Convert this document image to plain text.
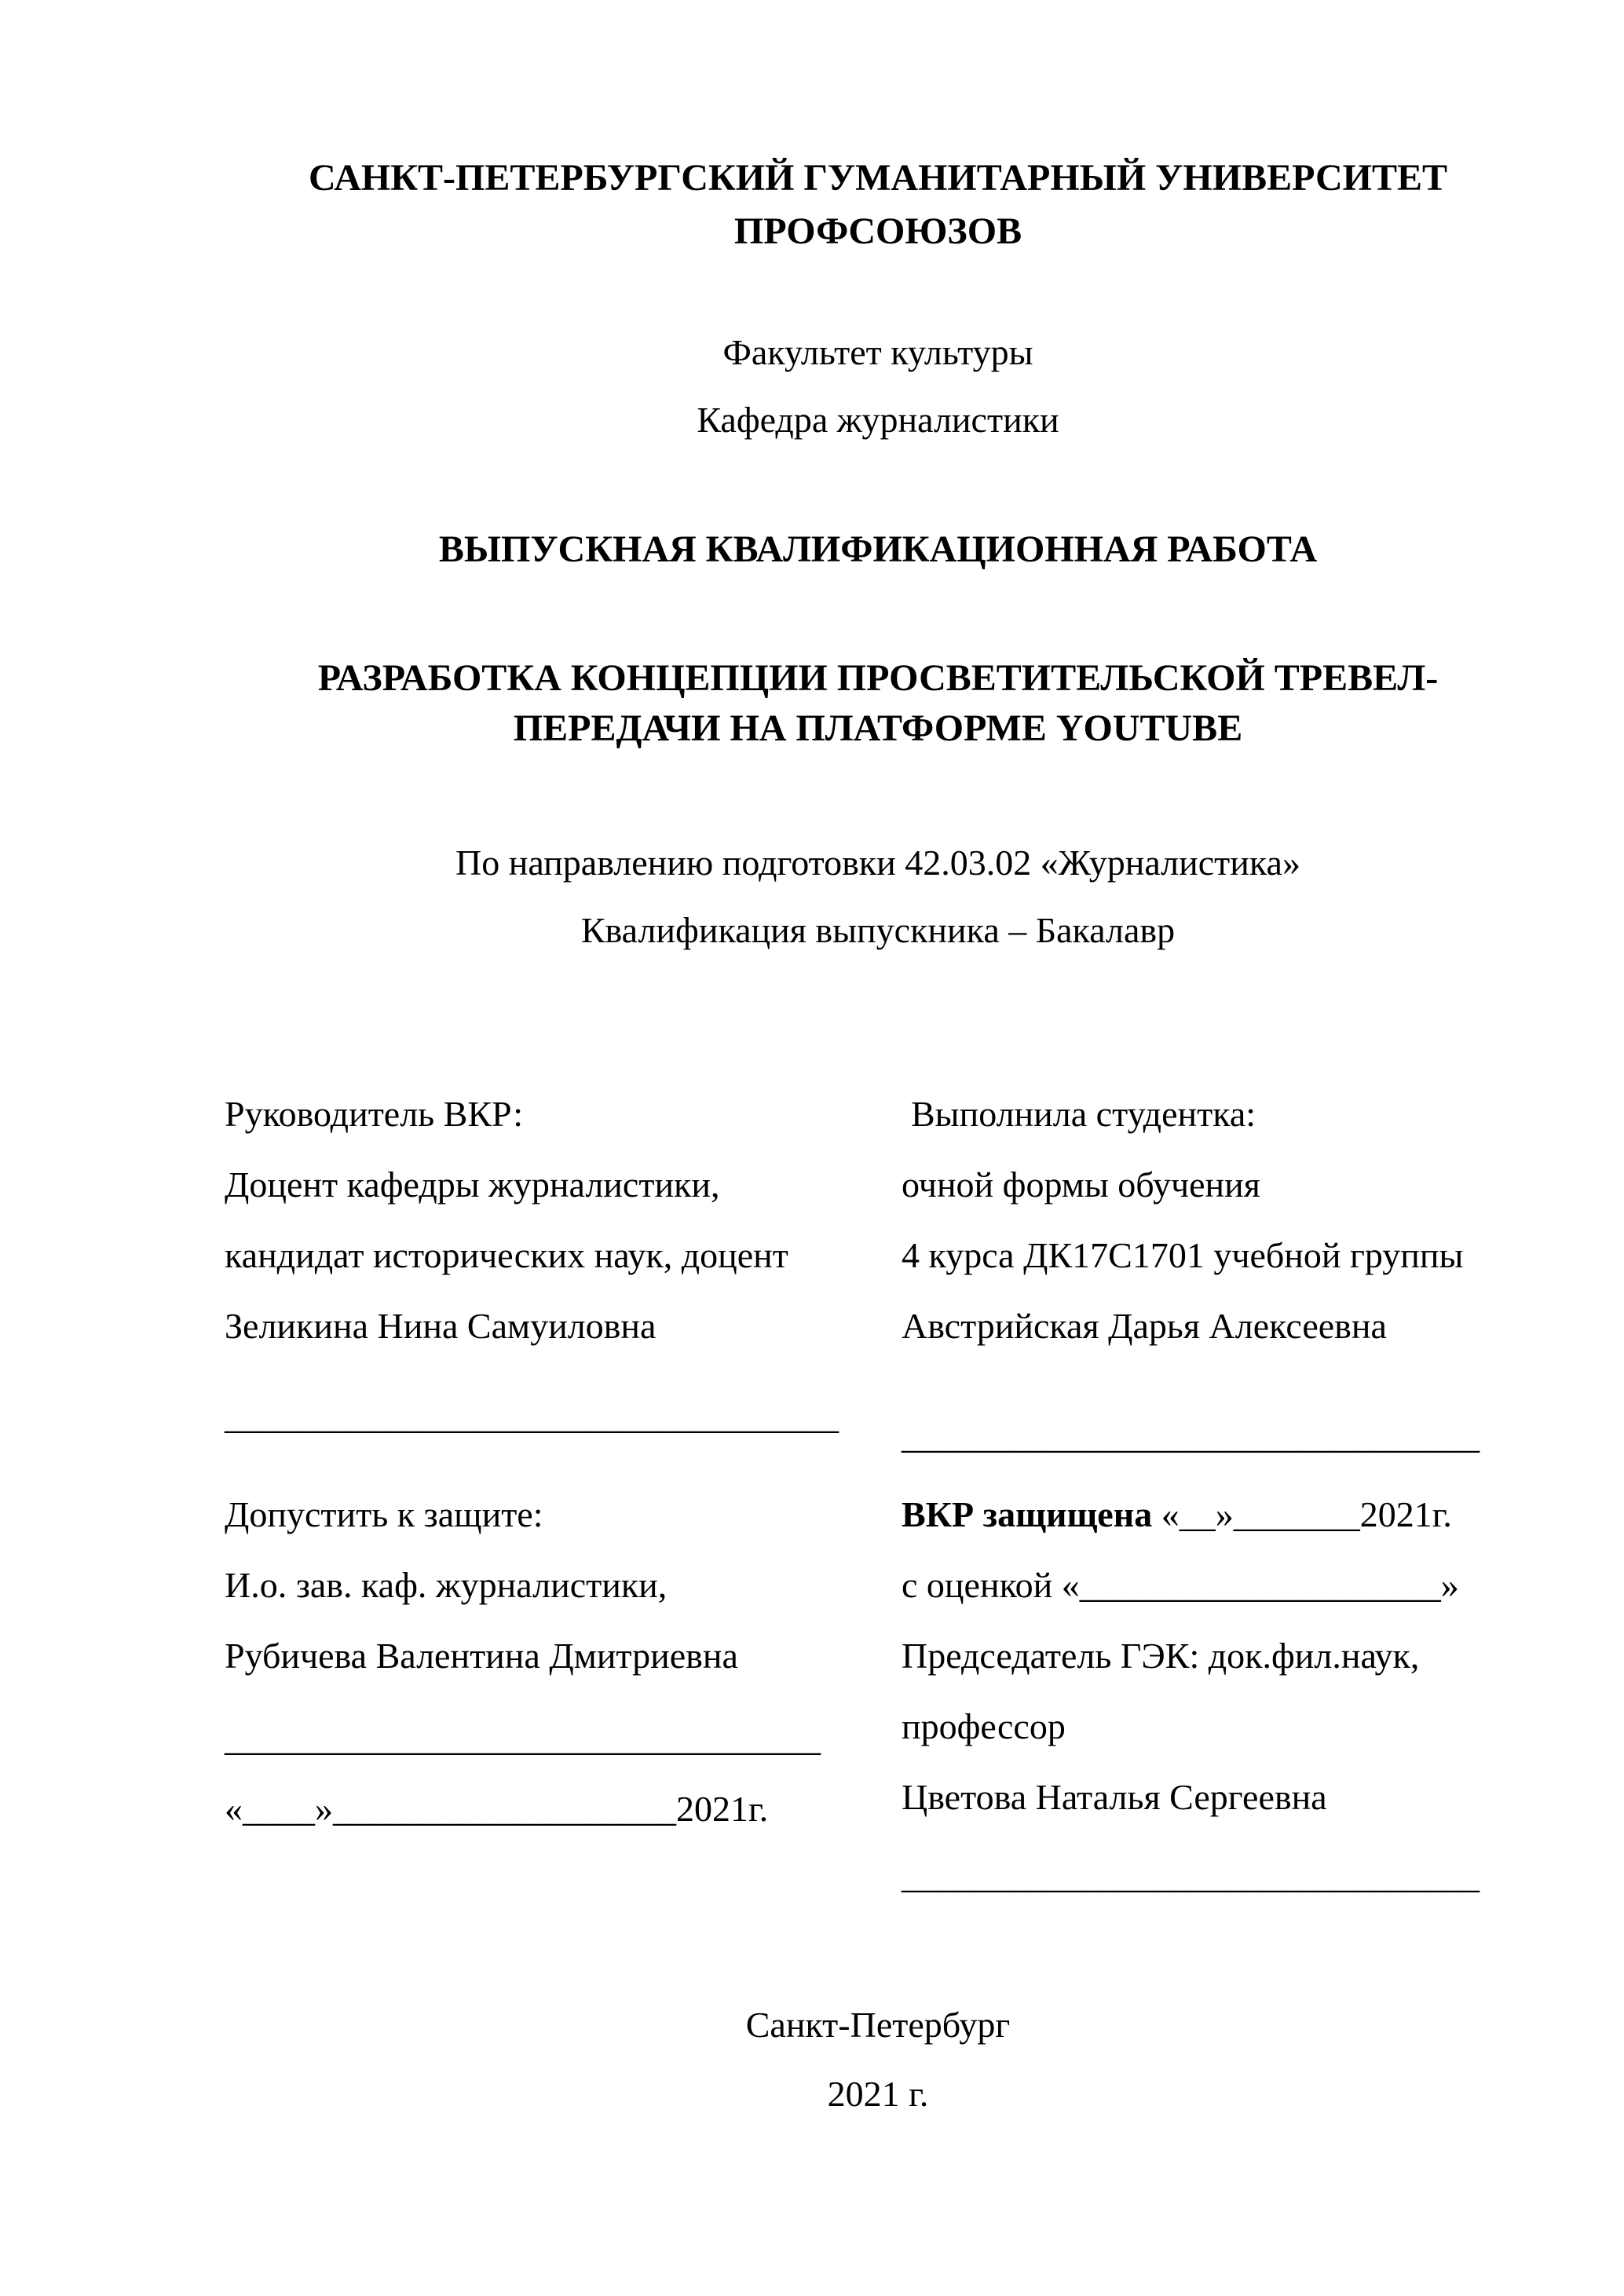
САНКТ-ПЕТЕРБУРГСКИЙ ГУМАНИТАРНЫЙ УНИВЕРСИТЕТ
ПРОФСОЮЗОВ
Факультет культуры
Кафедра журналистики
ВЫПУСКНАЯ КВАЛИФИКАЦИОННАЯ РАБОТА
РАЗРАБОТКА КОНЦЕПЦИИ ПРОСВЕТИТЕЛЬСКОЙ ТРЕВЕЛ-
ПЕРЕДАЧИ НА ПЛАТФОРМЕ YOUTUBE
По направлению подготовки 42.03.02 «Журналистика»
Квалификация выпускника – Бакалавр
Руководитель ВКР:
Доцент кафедры журналистики,
кандидат исторических наук, доцент
Зеликина Нина Самуиловна
__________________________________
Выполнила студентка:
очной формы обучения
4 курса ДК17С1701 учебной группы
Австрийская Дарья Алексеевна
________________________________
Допустить к защите:
И.о. зав. каф. журналистики,
Рубичева Валентина Дмитриевна
_________________________________
«____»___________________2021г.
ВКР защищена «__»_______2021г.
с оценкой «____________________»
Председатель ГЭК: док.фил.наук,
профессор
Цветова Наталья Сергеевна
________________________________
Санкт-Петербург
2021 г.
